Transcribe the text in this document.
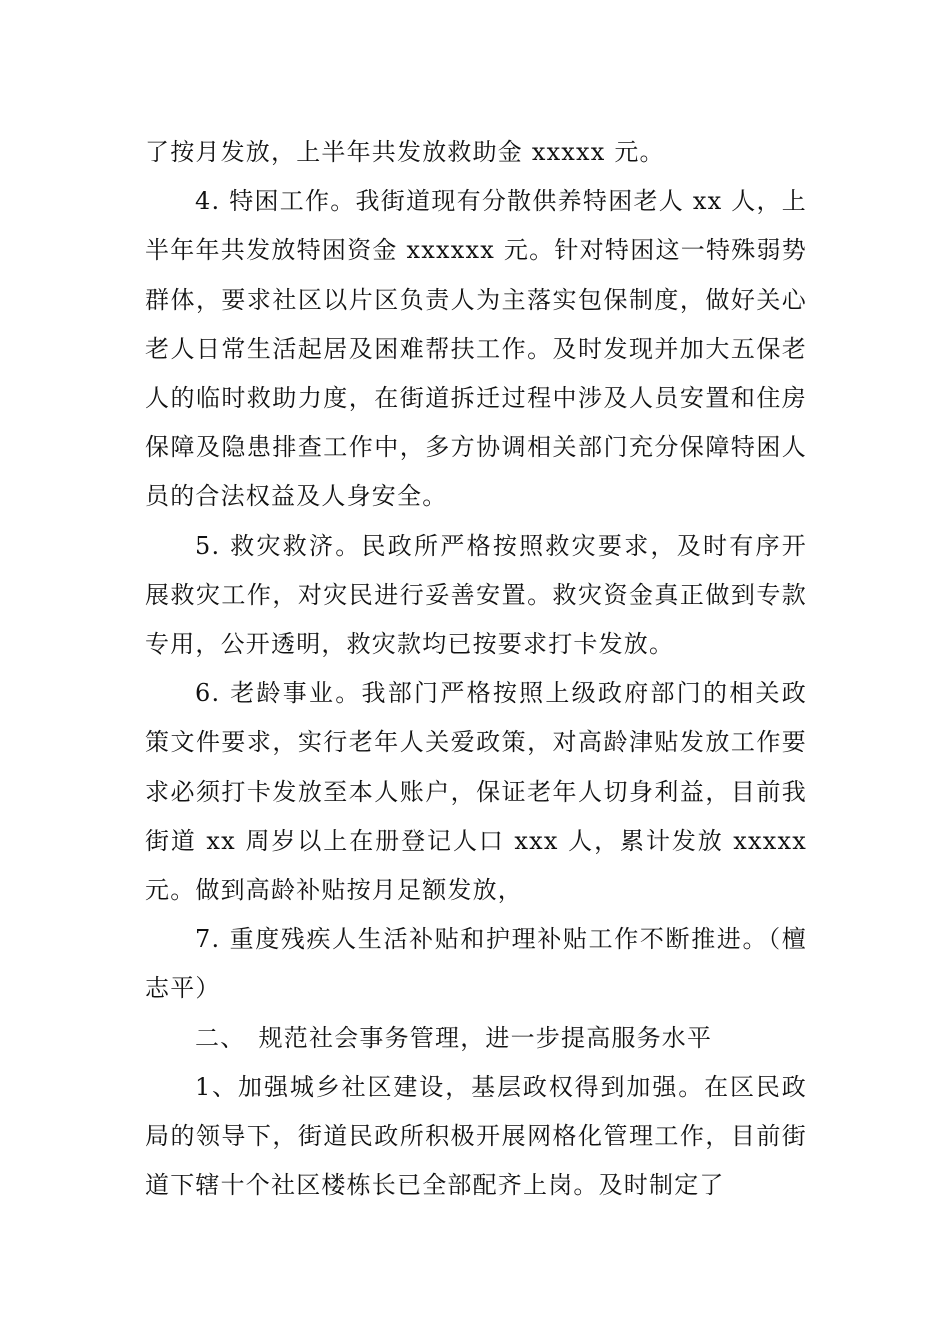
了按月发放，上半年共发放救助金 xxxxx 元。

4. 特困工作。我街道现有分散供养特困老人 xx 人，上半年年共发放特困资金 xxxxxx 元。针对特困这一特殊弱势群体，要求社区以片区负责人为主落实包保制度，做好关心老人日常生活起居及困难帮扶工作。及时发现并加大五保老人的临时救助力度，在街道拆迁过程中涉及人员安置和住房保障及隐患排查工作中，多方协调相关部门充分保障特困人员的合法权益及人身安全。

5. 救灾救济。民政所严格按照救灾要求，及时有序开展救灾工作，对灾民进行妥善安置。救灾资金真正做到专款专用，公开透明，救灾款均已按要求打卡发放。

6. 老龄事业。我部门严格按照上级政府部门的相关政策文件要求，实行老年人关爱政策，对高龄津贴发放工作要求必须打卡发放至本人账户，保证老年人切身利益，目前我街道 xx 周岁以上在册登记人口 xxx 人，累计发放 xxxxx 元。做到高龄补贴按月足额发放，

7. 重度残疾人生活补贴和护理补贴工作不断推进。（檀志平）

二、　规范社会事务管理，进一步提高服务水平

1、加强城乡社区建设，基层政权得到加强。在区民政局的领导下，街道民政所积极开展网格化管理工作，目前街道下辖十个社区楼栋长已全部配齐上岗。及时制定了
